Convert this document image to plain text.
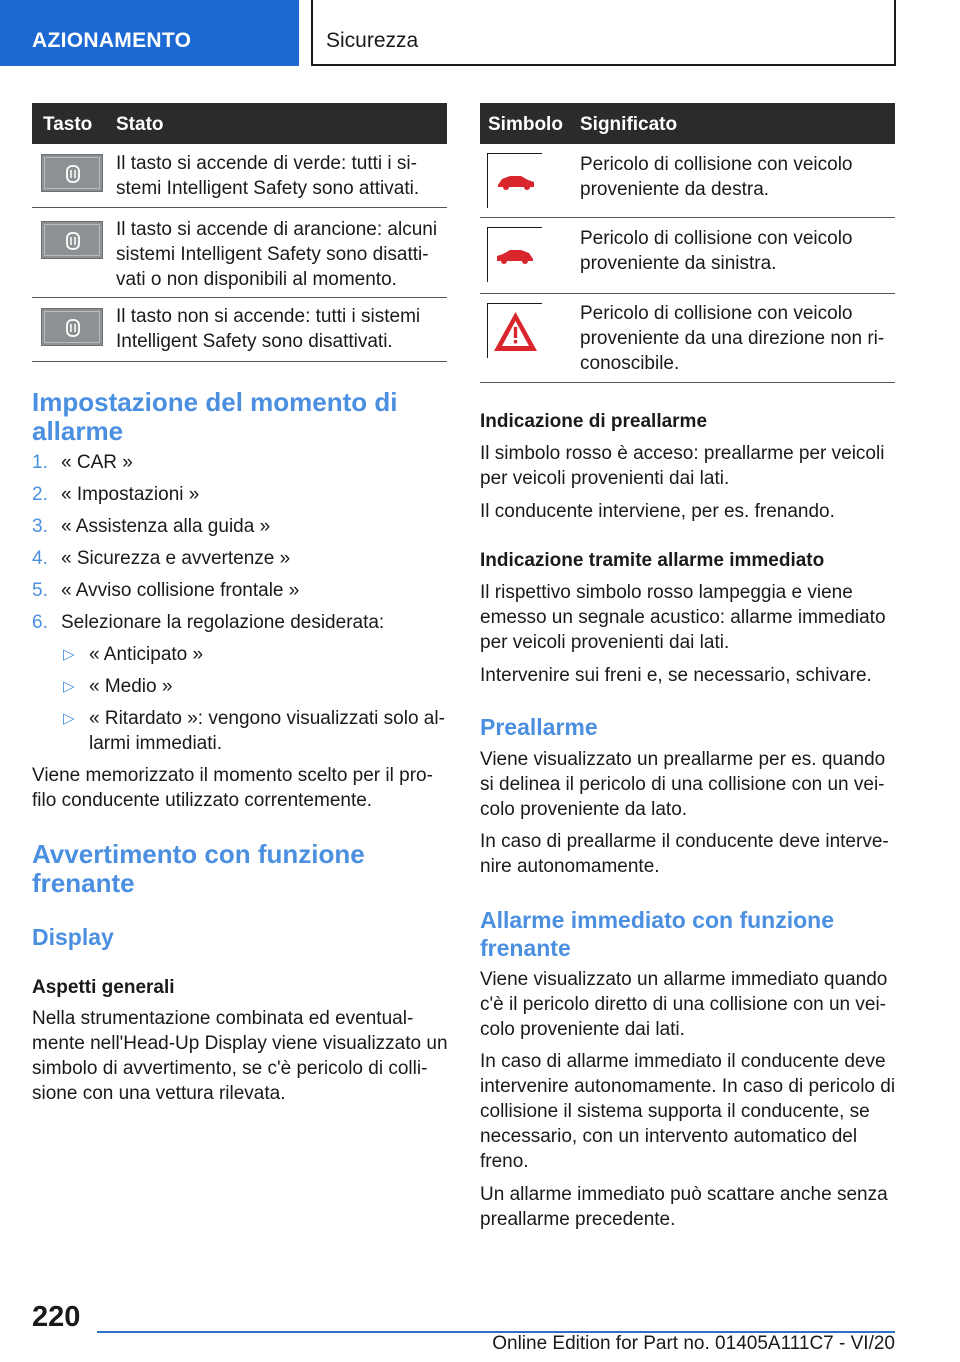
AZIONAMENTO	Sicurezza
Tasto Stato
Il tasto si accende di verde: tutti i si-
stemi Intelligent Safety sono attivati.
Il tasto si accende di arancione: alcuni
sistemi Intelligent Safety sono disatti-
vati o non disponibili al momento.
Il tasto non si accende: tutti i sistemi
Intelligent Safety sono disattivati.
Simbolo Significato
Pericolo di collisione con veicolo
proveniente da destra.
Pericolo di collisione con veicolo
proveniente da sinistra.
Pericolo di collisione con veicolo
proveniente da una direzione non ri-
conoscibile.
Impostazione del momento di
allarme
1. « CAR »
2. « Impostazioni »
3. « Assistenza alla guida »
4. « Sicurezza e avvertenze »
5. « Avviso collisione frontale »
6. Selezionare la regolazione desiderata:
▷ « Anticipato »
▷ « Medio »
▷ « Ritardato »: vengono visualizzati solo al-
larmi immediati.
Viene memorizzato il momento scelto per il pro-
filo conducente utilizzato correntemente.
Avvertimento con funzione
frenante
Display
Aspetti generali
Nella strumentazione combinata ed eventual-
mente nell'Head-Up Display viene visualizzato un
simbolo di avvertimento, se c'è pericolo di colli-
sione con una vettura rilevata.
Indicazione di preallarme
Il simbolo rosso è acceso: preallarme per veicoli
per veicoli provenienti dai lati.
Il conducente interviene, per es. frenando.
Indicazione tramite allarme immediato
Il rispettivo simbolo rosso lampeggia e viene
emesso un segnale acustico: allarme immediato
per veicoli provenienti dai lati.
Intervenire sui freni e, se necessario, schivare.
Preallarme
Viene visualizzato un preallarme per es. quando
si delinea il pericolo di una collisione con un vei-
colo proveniente da lato.
In caso di preallarme il conducente deve interve-
nire autonomamente.
Allarme immediato con funzione
frenante
Viene visualizzato un allarme immediato quando
c'è il pericolo diretto di una collisione con un vei-
colo proveniente dai lati.
In caso di allarme immediato il conducente deve
intervenire autonomamente. In caso di pericolo di
collisione il sistema supporta il conducente, se
necessario, con un intervento automatico del
freno.
Un allarme immediato può scattare anche senza
preallarme precedente.
220
Online Edition for Part no. 01405A111C7 - VI/20
